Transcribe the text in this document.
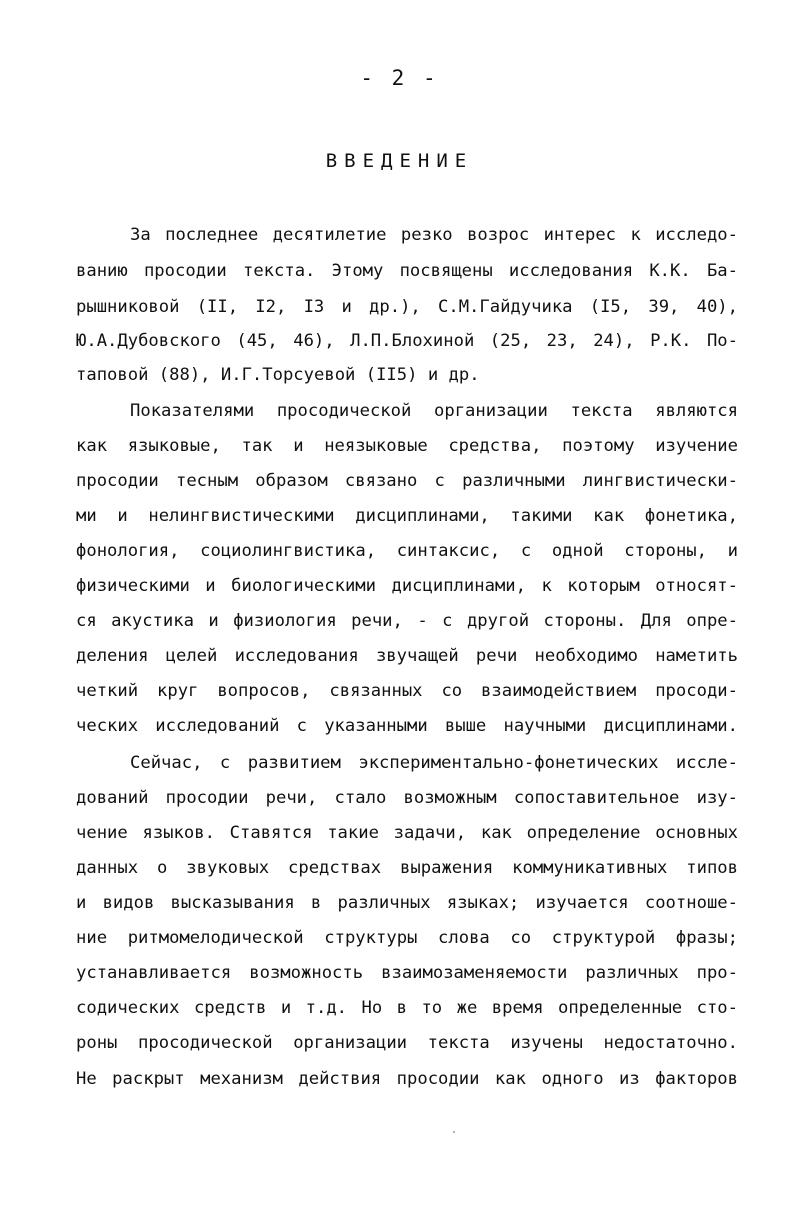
- 2 -
ВВЕДЕНИЕ
За последнее десятилетие резко возрос интерес к исследо-
ванию просодии текста. Этому посвящены исследования К.К. Ба-
рышниковой (II, I2, I3 и др.), С.М.Гайдучика (I5, 39, 40),
Ю.А.Дубовского (45, 46), Л.П.Блохиной (25, 23, 24), Р.К. По-
таповой (88), И.Г.Торсуевой (II5) и др.
Показателями просодической организации текста являются
как языковые, так и неязыковые средства, поэтому изучение
просодии тесным образом связано с различными лингвистически-
ми и нелингвистическими дисциплинами, такими как фонетика,
фонология, социолингвистика, синтаксис, с одной стороны, и
физическими и биологическими дисциплинами, к которым относят-
ся акустика и физиология речи, - с другой стороны. Для опре-
деления целей исследования звучащей речи необходимо наметить
четкий круг вопросов, связанных со взаимодействием просоди-
ческих исследований с указанными выше научными дисциплинами.
Сейчас, с развитием экспериментально-фонетических иссле-
дований просодии речи, стало возможным сопоставительное изу-
чение языков. Ставятся такие задачи, как определение основных
данных о звуковых средствах выражения коммуникативных типов
и видов высказывания в различных языках; изучается соотноше-
ние ритмомелодической структуры слова со структурой фразы;
устанавливается возможность взаимозаменяемости различных про-
содических средств и т.д. Но в то же время определенные сто-
роны просодической организации текста изучены недостаточно.
Не раскрыт механизм действия просодии как одного из факторов
